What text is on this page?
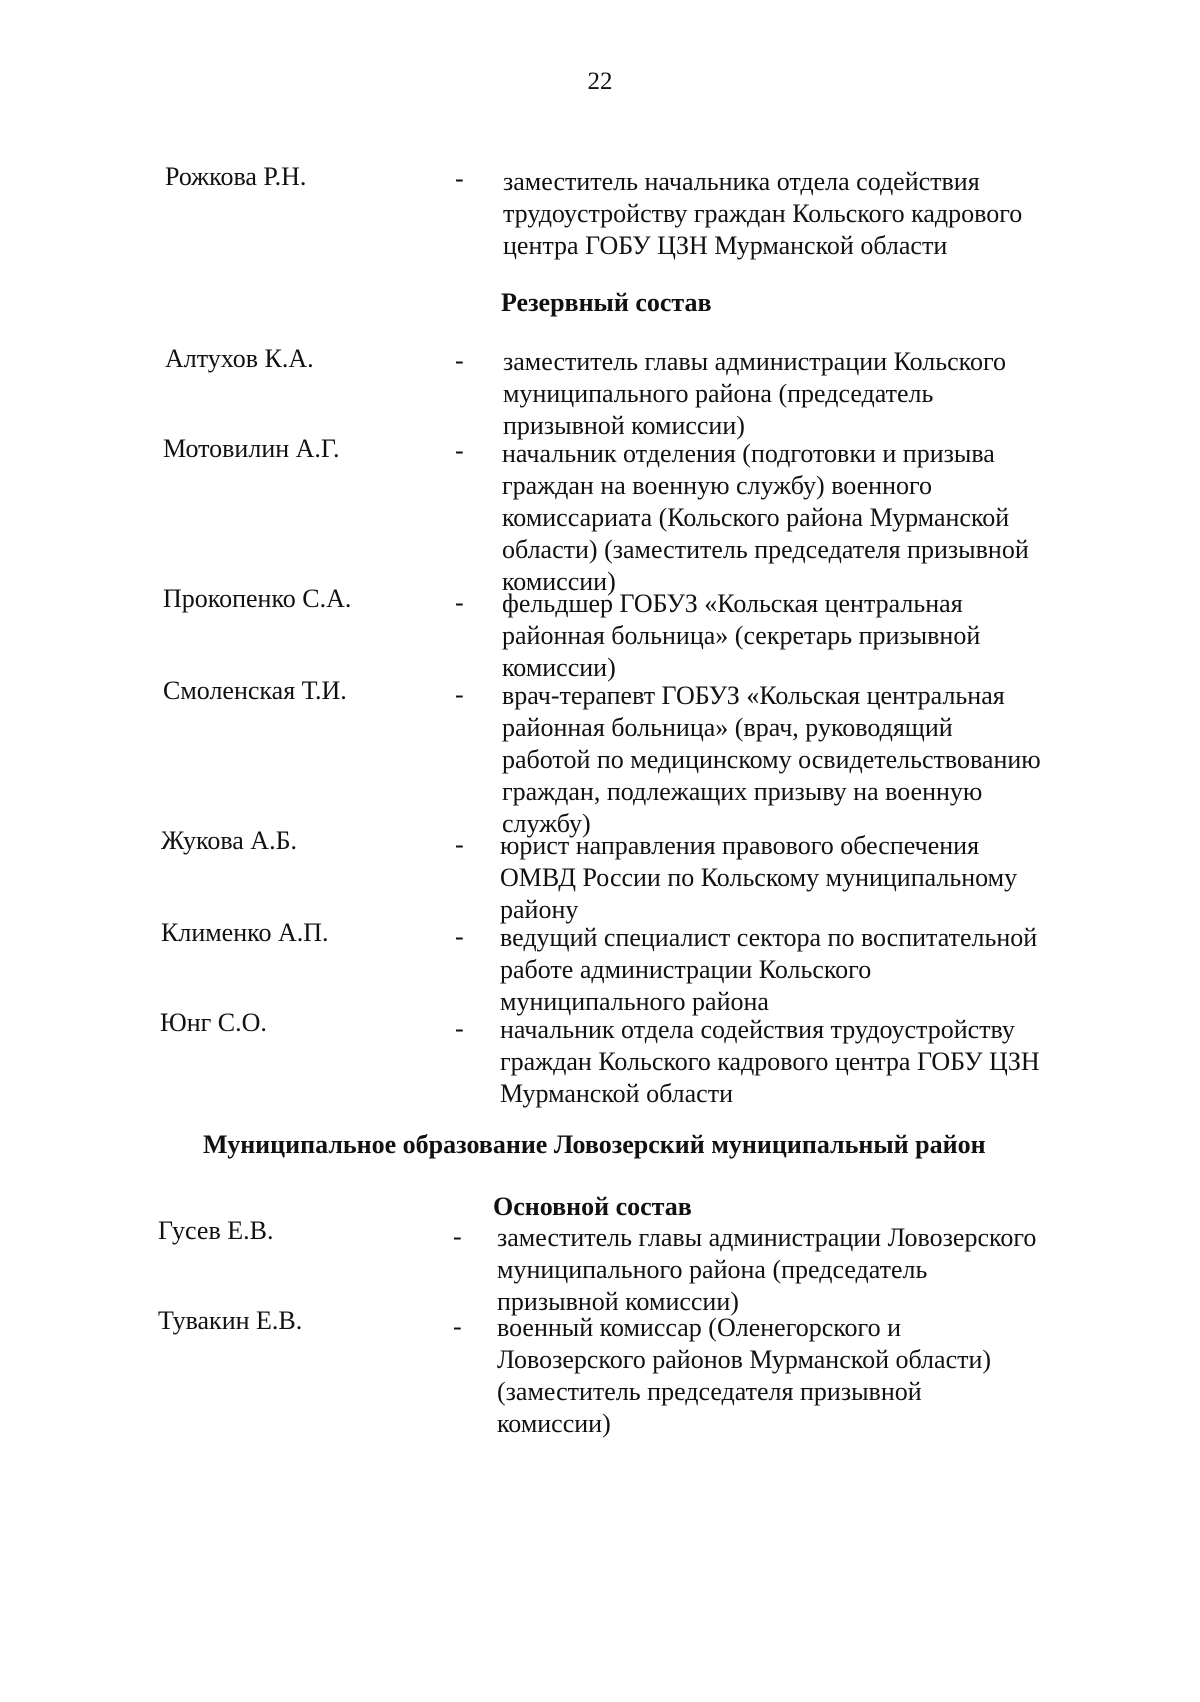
22
Рожкова Р.Н.	- заместитель начальника отдела содействия
трудоустройству граждан Кольского кадрового
центра ГОБУ ЦЗН Мурманской области
Резервный состав
Алтухов К.А.	- заместитель главы администрации Кольского
муниципального района (председатель
призывной комиссии)
Мотовилин А.Г.	- начальник отделения (подготовки и призыва
граждан на военную службу) военного
комиссариата (Кольского района Мурманской
области) (заместитель председателя призывной
комиссии)
Прокопенко С.А.	- фельдшер ГОБУЗ «Кольская центральная
районная больница» (секретарь призывной
комиссии)
Смоленская Т.И.	- врач-терапевт ГОБУЗ «Кольская центральная
районная больница» (врач, руководящий
работой по медицинскому освидетельствованию
граждан, подлежащих призыву на военную
службу)
Жукова А.Б.	- юрист направления правового обеспечения
ОМВД России по Кольскому муниципальному
району
Клименко А.П.	- ведущий специалист сектора по воспитательной
работе администрации Кольского
муниципального района
Юнг С.О.	- начальник отдела содействия трудоустройству
граждан Кольского кадрового центра ГОБУ ЦЗН
Мурманской области
Муниципальное образование Ловозерский муниципальный район
Основной состав
Гусев Е.В.	- заместитель главы администрации Ловозерского
муниципального района (председатель
призывной комиссии)
Тувакин Е.В.	- военный комиссар (Оленегорского и
Ловозерского районов Мурманской области)
(заместитель председателя призывной
комиссии)
